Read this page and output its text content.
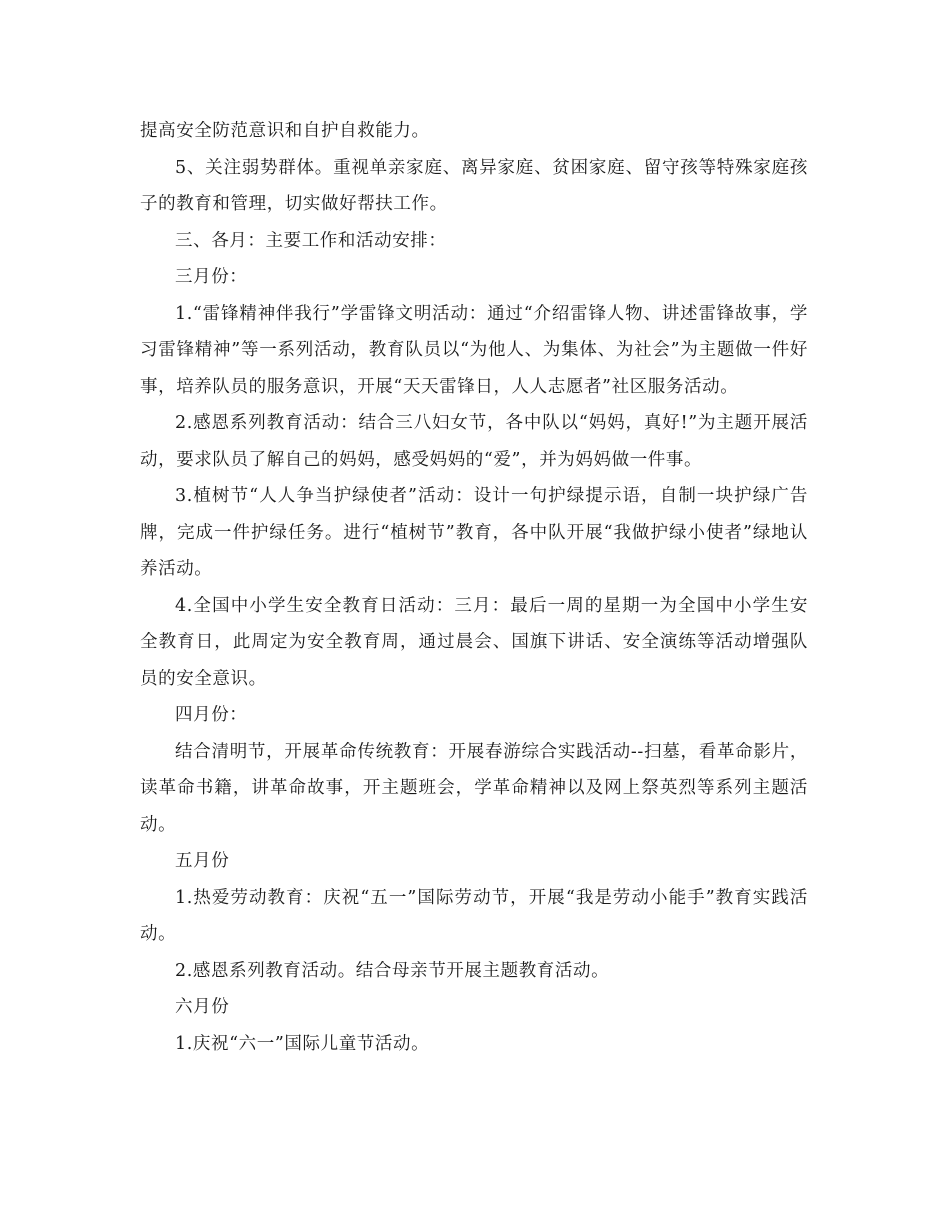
提高安全防范意识和自护自救能力。

5、关注弱势群体。重视单亲家庭、离异家庭、贫困家庭、留守孩等特殊家庭孩子的教育和管理，切实做好帮扶工作。

三、各月：主要工作和活动安排：

三月份：

1.“雷锋精神伴我行”学雷锋文明活动：通过“介绍雷锋人物、讲述雷锋故事，学习雷锋精神”等一系列活动，教育队员以“为他人、为集体、为社会”为主题做一件好事，培养队员的服务意识，开展“天天雷锋日，人人志愿者”社区服务活动。

2.感恩系列教育活动：结合三八妇女节，各中队以“妈妈，真好!”为主题开展活动，要求队员了解自己的妈妈，感受妈妈的“爱”，并为妈妈做一件事。

3.植树节“人人争当护绿使者”活动：设计一句护绿提示语，自制一块护绿广告牌，完成一件护绿任务。进行“植树节”教育，各中队开展“我做护绿小使者”绿地认养活动。

4.全国中小学生安全教育日活动：三月：最后一周的星期一为全国中小学生安全教育日，此周定为安全教育周，通过晨会、国旗下讲话、安全演练等活动增强队员的安全意识。

四月份：

结合清明节，开展革命传统教育：开展春游综合实践活动--扫墓，看革命影片，读革命书籍，讲革命故事，开主题班会，学革命精神以及网上祭英烈等系列主题活动。

五月份

1.热爱劳动教育：庆祝“五一”国际劳动节，开展“我是劳动小能手”教育实践活动。

2.感恩系列教育活动。结合母亲节开展主题教育活动。

六月份

1.庆祝“六一”国际儿童节活动。
